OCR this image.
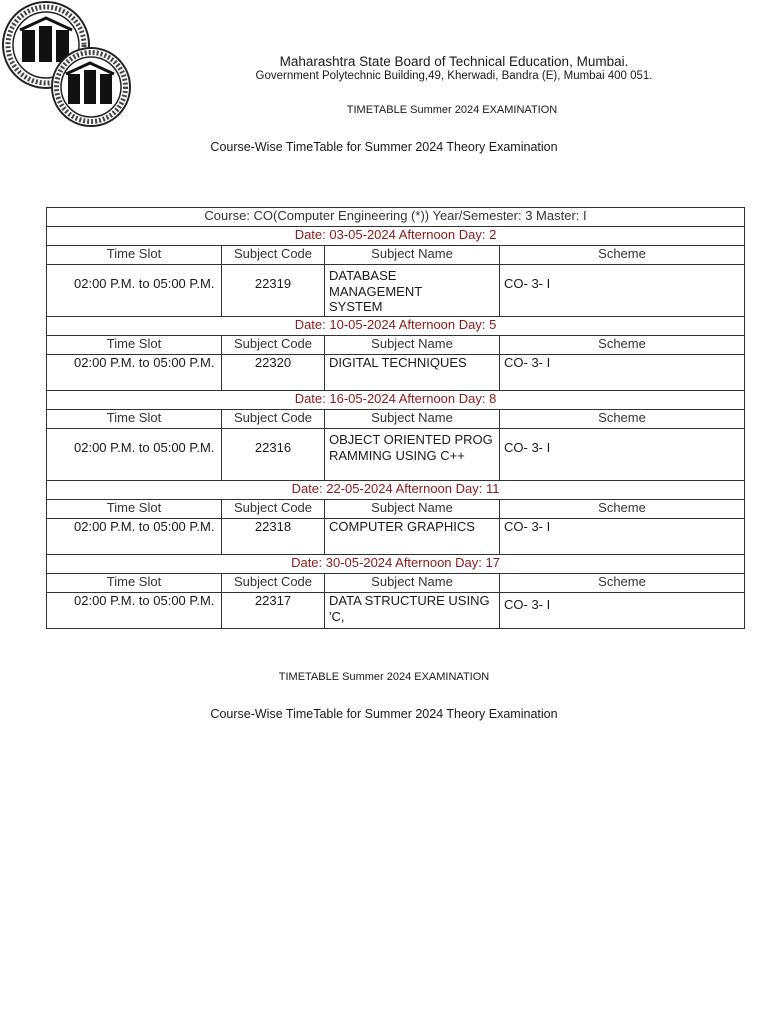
Maharashtra State Board of Technical Education, Mumbai.
Government Polytechnic Building,49, Kherwadi, Bandra (E), Mumbai 400 051.
TIMETABLE Summer 2024 EXAMINATION
Course-Wise TimeTable for Summer 2024 Theory Examination
Course: CO(Computer Engineering (*)) Year/Semester: 3 Master: I			
Date: 03-05-2024 Afternoon Day: 2			
Time Slot	Subject Code	Subject Name	Scheme
02:00 P.M. to 05:00 P.M.	22319	DATABASE MANAGEMENT SYSTEM	CO- 3- I
Date: 10-05-2024 Afternoon Day: 5			
Time Slot	Subject Code	Subject Name	Scheme
02:00 P.M. to 05:00 P.M.	22320	DIGITAL TECHNIQUES	CO- 3- I
Date: 16-05-2024 Afternoon Day: 8			
Time Slot	Subject Code	Subject Name	Scheme
02:00 P.M. to 05:00 P.M.	22316	OBJECT ORIENTED PROGRAMMING USING C++	CO- 3- I
Date: 22-05-2024 Afternoon Day: 11			
Time Slot	Subject Code	Subject Name	Scheme
02:00 P.M. to 05:00 P.M.	22318	COMPUTER GRAPHICS	CO- 3- I
Date: 30-05-2024 Afternoon Day: 17			
Time Slot	Subject Code	Subject Name	Scheme
02:00 P.M. to 05:00 P.M.	22317	DATA STRUCTURE USING 'C,	CO- 3- I
TIMETABLE Summer 2024 EXAMINATION
Course-Wise TimeTable for Summer 2024 Theory Examination
